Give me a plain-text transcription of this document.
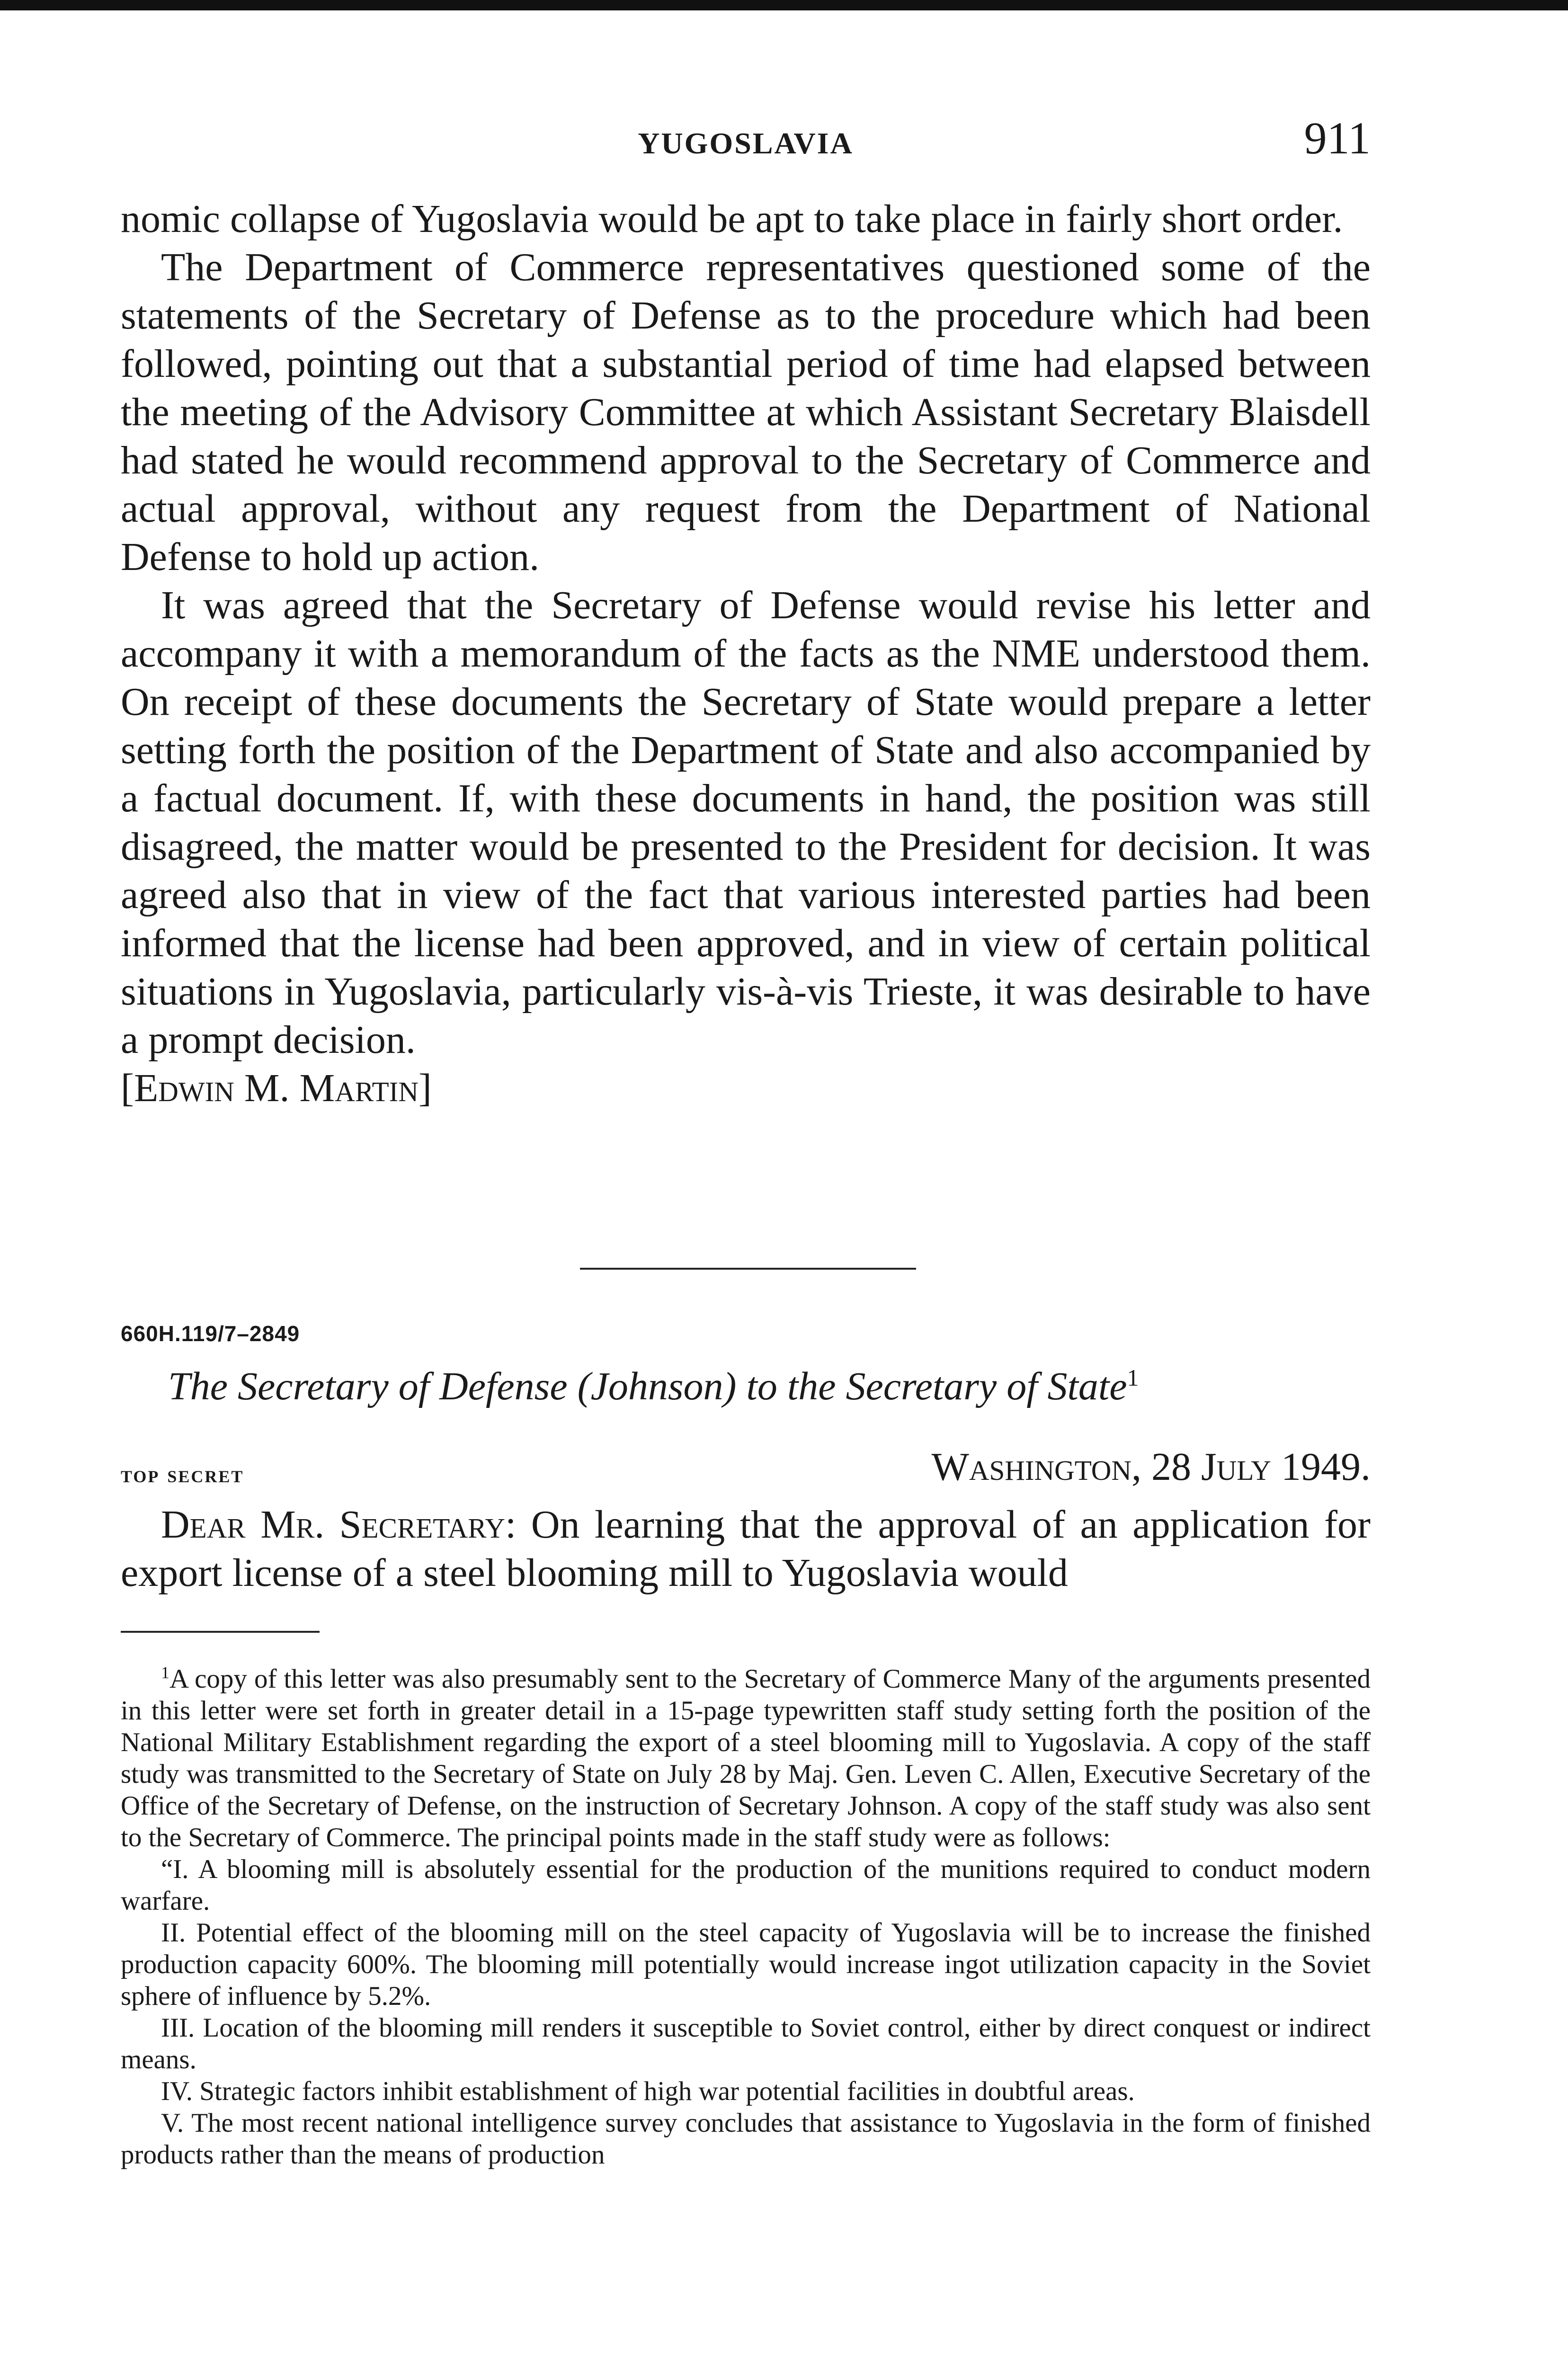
YUGOSLAVIA	911

nomic collapse of Yugoslavia would be apt to take place in fairly short order.

The Department of Commerce representatives questioned some of the statements of the Secretary of Defense as to the procedure which had been followed, pointing out that a substantial period of time had elapsed between the meeting of the Advisory Committee at which Assistant Secretary Blaisdell had stated he would recommend approval to the Secretary of Commerce and actual approval, without any request from the Department of National Defense to hold up action.

It was agreed that the Secretary of Defense would revise his letter and accompany it with a memorandum of the facts as the NME understood them. On receipt of these documents the Secretary of State would prepare a letter setting forth the position of the Department of State and also accompanied by a factual document. If, with these documents in hand, the position was still disagreed, the matter would be presented to the President for decision. It was agreed also that in view of the fact that various interested parties had been informed that the license had been approved, and in view of certain political situations in Yugoslavia, particularly vis-à-vis Trieste, it was desirable to have a prompt decision.

[Edwin M. Martin]

660H.119/7–2849
The Secretary of Defense (Johnson) to the Secretary of State$^1$
top secret	Washington, 28 July 1949.

Dear Mr. Secretary: On learning that the approval of an application for export license of a steel blooming mill to Yugoslavia would

$^1$A copy of this letter was also presumably sent to the Secretary of Commerce Many of the arguments presented in this letter were set forth in greater detail in a 15-page typewritten staff study setting forth the position of the National Military Establishment regarding the export of a steel blooming mill to Yugoslavia. A copy of the staff study was transmitted to the Secretary of State on July 28 by Maj. Gen. Leven C. Allen, Executive Secretary of the Office of the Secretary of Defense, on the instruction of Secretary Johnson. A copy of the staff study was also sent to the Secretary of Commerce. The principal points made in the staff study were as follows:

“I. A blooming mill is absolutely essential for the production of the munitions required to conduct modern warfare.

II. Potential effect of the blooming mill on the steel capacity of Yugoslavia will be to increase the finished production capacity 600%. The blooming mill potentially would increase ingot utilization capacity in the Soviet sphere of influence by 5.2%.

III. Location of the blooming mill renders it susceptible to Soviet control, either by direct conquest or indirect means.

IV. Strategic factors inhibit establishment of high war potential facilities in doubtful areas.

V. The most recent national intelligence survey concludes that assistance to Yugoslavia in the form of finished products rather than the means of production
